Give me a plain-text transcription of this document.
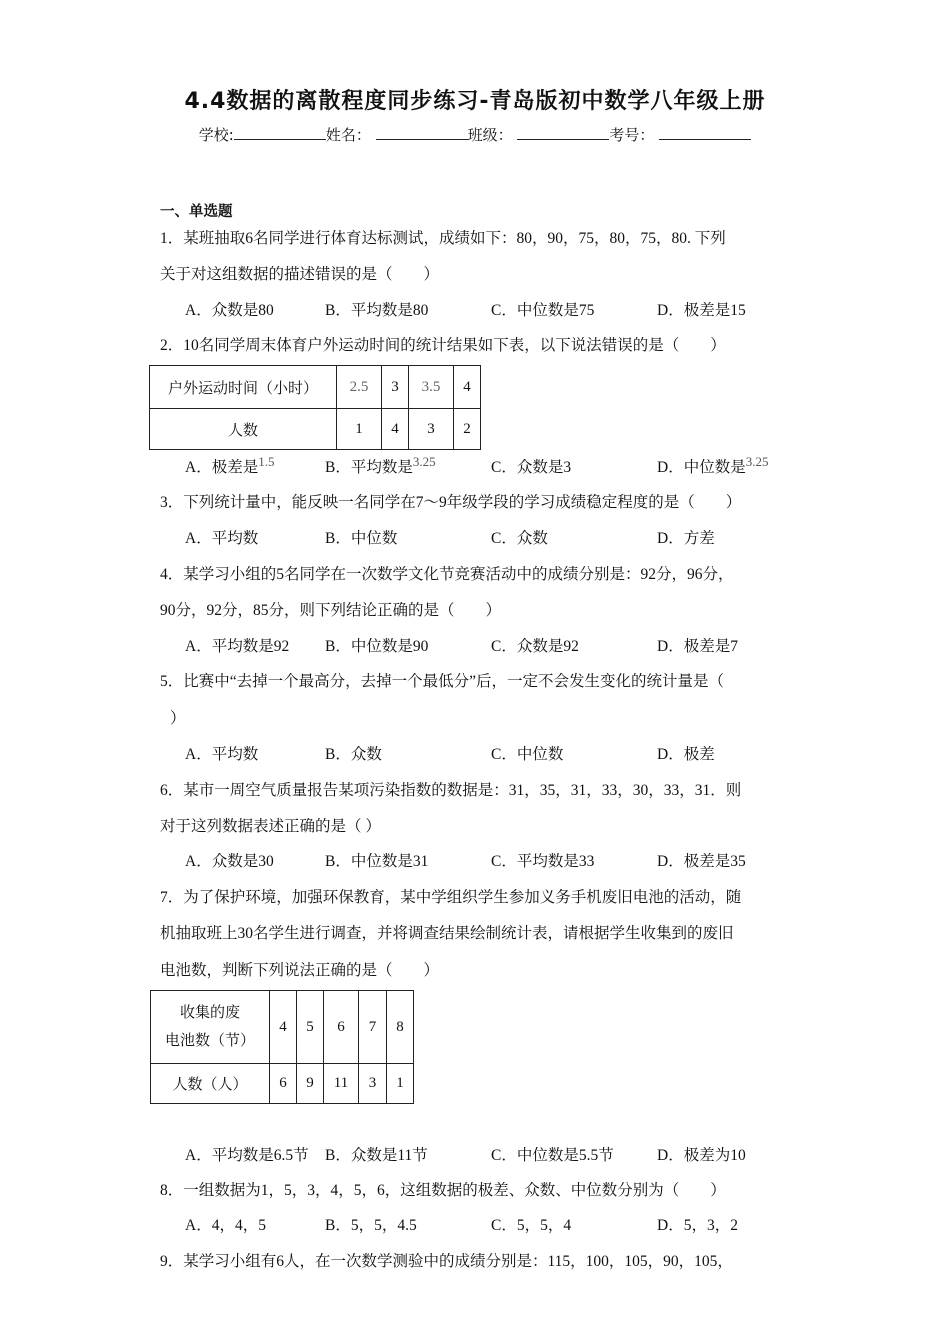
4.4数据的离散程度同步练习-青岛版初中数学八年级上册
学校:	姓名：	班级：	考号：
一、单选题
1．某班抽取6名同学进行体育达标测试，成绩如下：80，90，75，80，75，80. 下列
关于对这组数据的描述错误的是（　　）
A．众数是80	B．平均数是80	C．中位数是75	D．极差是15
2．10名同学周末体育户外运动时间的统计结果如下表，以下说法错误的是（　　）
户外运动时间（小时）	2.5	3	3.5	4
人数	1	4	3	2
A．极差是$^{1.5}$	B．平均数是$^{3.25}$	C．众数是3	D．中位数是$^{3.25}$
3．下列统计量中，能反映一名同学在7～9年级学段的学习成绩稳定程度的是（　　）
A．平均数	B．中位数	C．众数	D．方差
4．某学习小组的5名同学在一次数学文化节竞赛活动中的成绩分别是：92分，96分，
90分，92分，85分，则下列结论正确的是（　　）
A．平均数是92 B．中位数是90	C．众数是92	D．极差是7
5．比赛中“去掉一个最高分，去掉一个最低分”后，一定不会发生变化的统计量是（
）
A．平均数	B．众数	C．中位数	D．极差
6．某市一周空气质量报告某项污染指数的数据是：31，35，31，33，30，33，31．则
对于这列数据表述正确的是（ ）
A．众数是30	B．中位数是31	C．平均数是33	D．极差是35
7．为了保护环境，加强环保教育，某中学组织学生参加义务手机废旧电池的活动，随
机抽取班上30名学生进行调查，并将调查结果绘制统计表，请根据学生收集到的废旧
电池数，判断下列说法正确的是（　　）
收集的废
电池数（节）	4	5	6	7	8
人数（人）	6	9	11	3	1
A．平均数是6.5节 B．众数是11节	C．中位数是5.5节	D．极差为10
8．一组数据为1，5，3，4，5，6，这组数据的极差、众数、中位数分别为（　　）
A．4，4，5	B．5，5，4.5	C．5，5，4	D．5，3，2
9．某学习小组有6人，在一次数学测验中的成绩分别是：115，100，105，90，105，
